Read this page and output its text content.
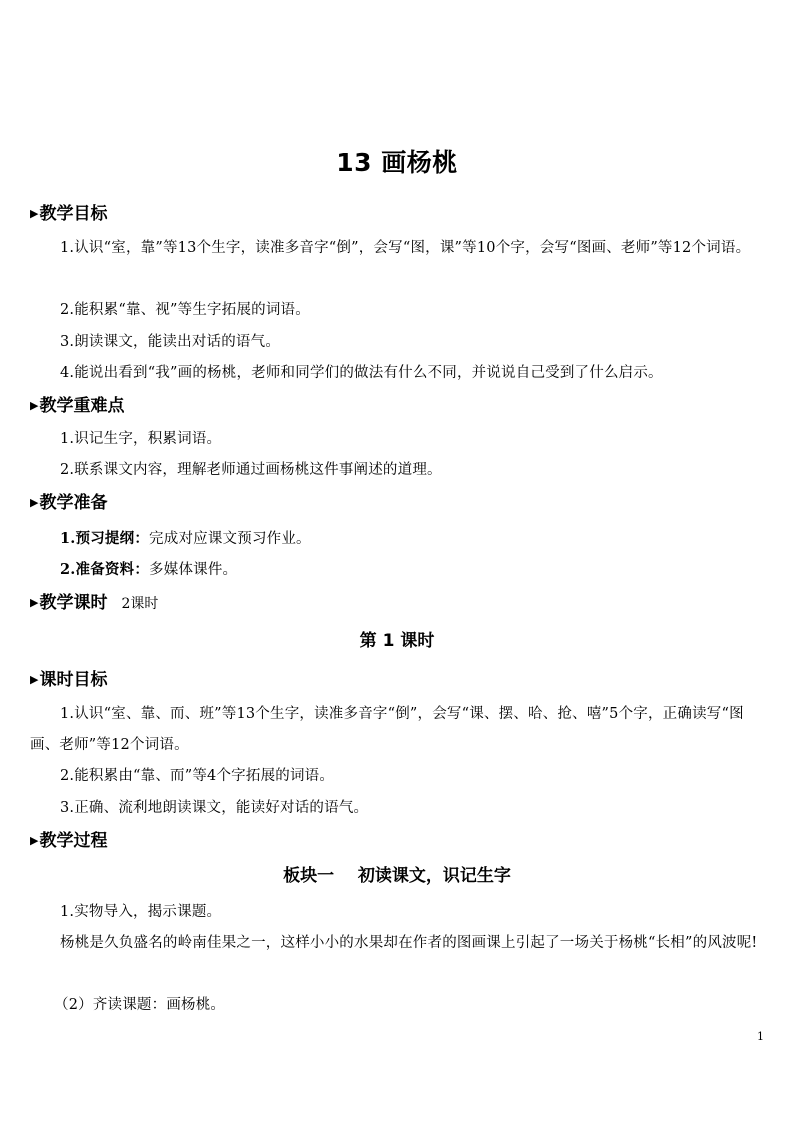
13 画杨桃
▶教学目标
1.认识“室，靠”等13个生字，读准多音字“倒”，会写“图，课”等10个字，会写“图画、老师”等12个词语。
2.能积累“靠、视”等生字拓展的词语。
3.朗读课文，能读出对话的语气。
4.能说出看到“我”画的杨桃，老师和同学们的做法有什么不同，并说说自己受到了什么启示。
▶教学重难点
1.识记生字，积累词语。
2.联系课文内容，理解老师通过画杨桃这件事阐述的道理。
▶教学准备
1.预习提纲：完成对应课文预习作业。
2.准备资料：多媒体课件。
▶教学课时 2课时
第 1 课时
▶课时目标
1.认识“室、靠、而、班”等13个生字，读准多音字“倒”，会写“课、摆、哈、抢、嘻”5个字，正确读写“图画、老师”等12个词语。
2.能积累由“靠、而”等4个字拓展的词语。
3.正确、流利地朗读课文，能读好对话的语气。
▶教学过程
板块一    初读课文，识记生字
1.实物导入，揭示课题。
杨桃是久负盛名的岭南佳果之一，这样小小的水果却在作者的图画课上引起了一场关于杨桃“长相”的风波呢!
（2）齐读课题：画杨桃。
1
